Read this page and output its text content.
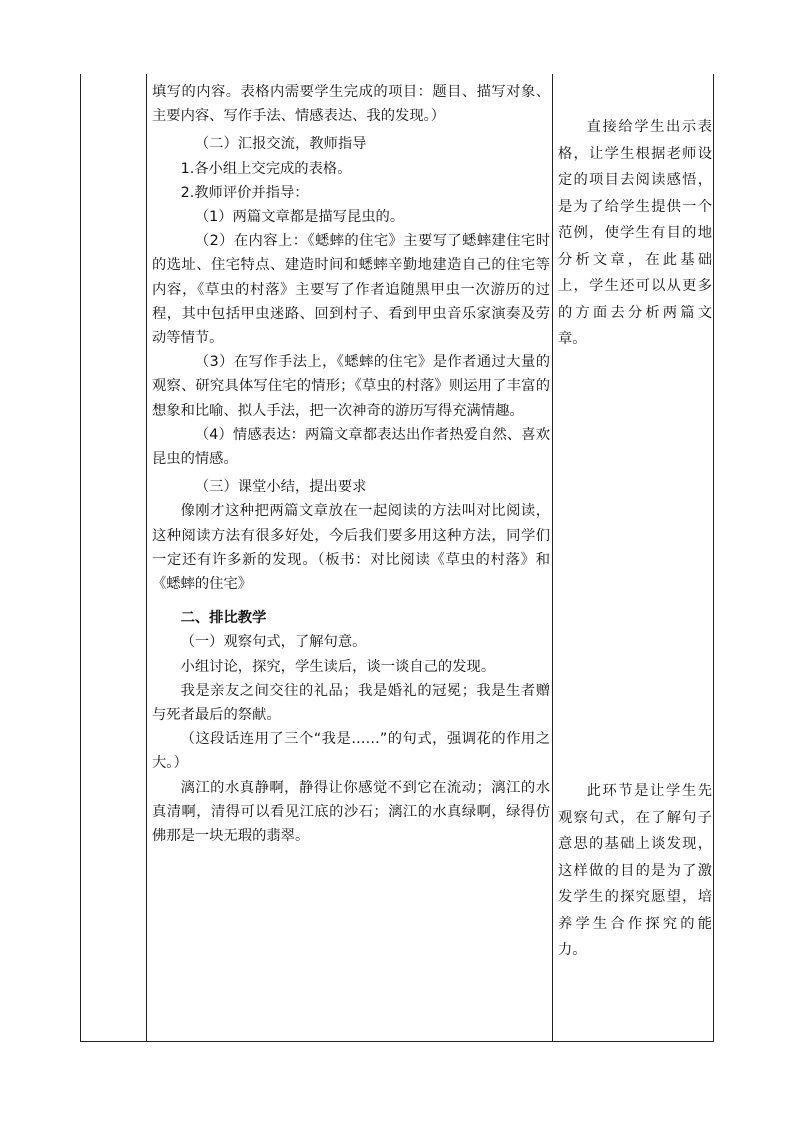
填写的内容。表格内需要学生完成的项目：题目、描写对象、主要内容、写作手法、情感表达、我的发现。）

（二）汇报交流，教师指导

1.各小组上交完成的表格。

2.教师评价并指导：

（1）两篇文章都是描写昆虫的。

（2）在内容上：《蟋蟀的住宅》主要写了蟋蟀建住宅时的选址、住宅特点、建造时间和蟋蟀辛勤地建造自己的住宅等内容，《草虫的村落》主要写了作者追随黑甲虫一次游历的过程，其中包括甲虫迷路、回到村子、看到甲虫音乐家演奏及劳动等情节。

（3）在写作手法上，《蟋蟀的住宅》是作者通过大量的观察、研究具体写住宅的情形；《草虫的村落》则运用了丰富的想象和比喻、拟人手法，把一次神奇的游历写得充满情趣。

（4）情感表达：两篇文章都表达出作者热爱自然、喜欢昆虫的情感。

（三）课堂小结，提出要求

像刚才这种把两篇文章放在一起阅读的方法叫对比阅读，这种阅读方法有很多好处，今后我们要多用这种方法，同学们一定还有许多新的发现。（板书：对比阅读《草虫的村落》和《蟋蟀的住宅》

二、排比教学

（一）观察句式，了解句意。

小组讨论，探究，学生读后，谈一谈自己的发现。

我是亲友之间交往的礼品；我是婚礼的冠冕；我是生者赠与死者最后的祭献。

（这段话连用了三个“我是……”的句式，强调花的作用之大。）

漓江的水真静啊，静得让你感觉不到它在流动；漓江的水真清啊，清得可以看见江底的沙石；漓江的水真绿啊，绿得仿佛那是一块无瑕的翡翠。

直接给学生出示表格，让学生根据老师设定的项目去阅读感悟，是为了给学生提供一个范例，使学生有目的地分析文章，在此基础上，学生还可以从更多的方面去分析两篇文章。

此环节是让学生先观察句式，在了解句子意思的基础上谈发现，这样做的目的是为了激发学生的探究愿望，培养学生合作探究的能力。
